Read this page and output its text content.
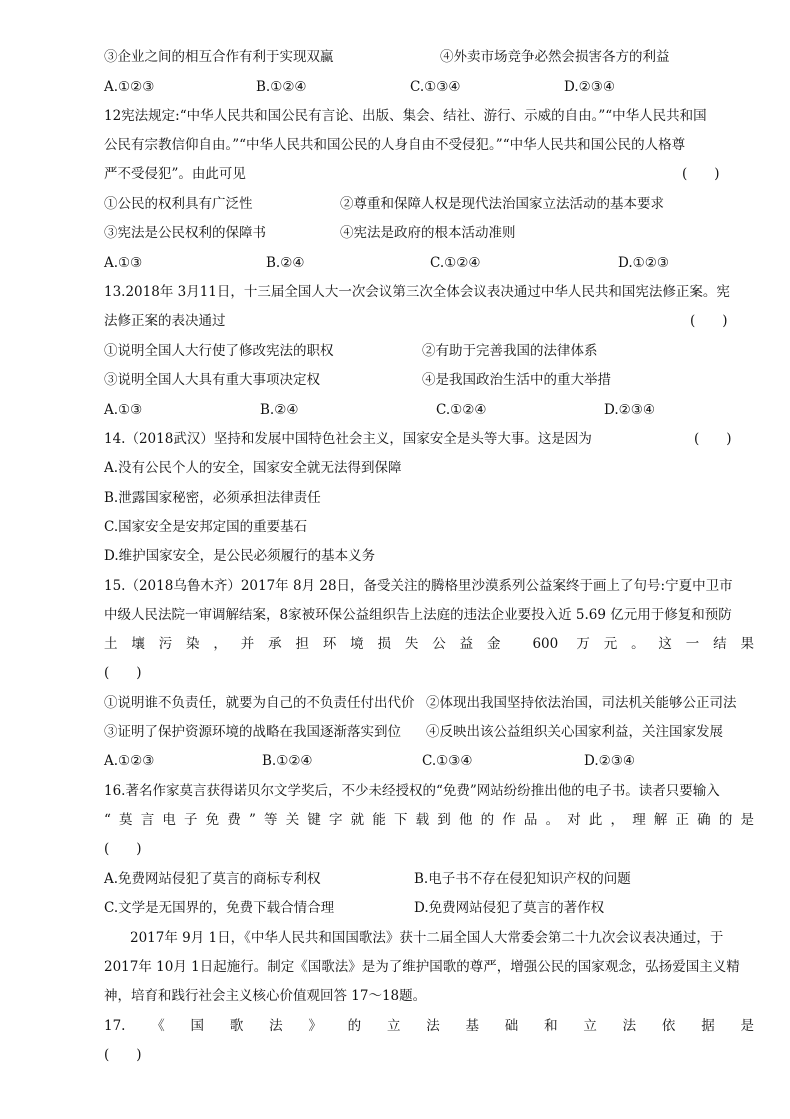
③企业之间的相互合作有利于实现双赢	④外卖市场竞争必然会损害各方的利益
A.①②③	B.①②④	C.①③④	D.②③④
12宪法规定:“中华人民共和国公民有言论、出版、集会、结社、游行、示威的自由。”“中华人民共和国
公民有宗教信仰自由。”“中华人民共和国公民的人身自由不受侵犯。”“中华人民共和国公民的人格尊
严不受侵犯”。由此可见	(　　)
①公民的权利具有广泛性	②尊重和保障人权是现代法治国家立法活动的基本要求
③宪法是公民权利的保障书	④宪法是政府的根本活动准则
A.①③	B.②④	C.①②④	D.①②③
13.2018年 3月11日，十三届全国人大一次会议第三次全体会议表决通过中华人民共和国宪法修正案。宪
法修正案的表决通过	(　　)
①说明全国人大行使了修改宪法的职权	②有助于完善我国的法律体系
③说明全国人大具有重大事项决定权	④是我国政治生活中的重大举措
A.①③	B.②④	C.①②④	D.②③④
14.（2018武汉）坚持和发展中国特色社会主义，国家安全是头等大事。这是因为	(　　)
A.没有公民个人的安全，国家安全就无法得到保障
B.泄露国家秘密，必须承担法律责任
C.国家安全是安邦定国的重要基石
D.维护国家安全，是公民必须履行的基本义务
15.（2018乌鲁木齐）2017年 8月 28日，备受关注的腾格里沙漠系列公益案终于画上了句号:宁夏中卫市
中级人民法院一审调解结案，8家被环保公益组织告上法庭的违法企业要投入近 5.69 亿元用于修复和预防
土壤污染，并承担环境损失公益金 600 万元。这一结果
(　　)
①说明谁不负责任，就要为自己的不负责任付出代价 ②体现出我国坚持依法治国，司法机关能够公正司法
③证明了保护资源环境的战略在我国逐渐落实到位 ④反映出该公益组织关心国家利益，关注国家发展
A.①②③	B.①②④	C.①③④	D.②③④
16.著名作家莫言获得诺贝尔文学奖后，不少未经授权的“免费”网站纷纷推出他的电子书。读者只要输入
“莫言电子免费”等关键字就能下载到他的作品。对此，理解正确的是
(　　)
A.免费网站侵犯了莫言的商标专利权	B.电子书不存在侵犯知识产权的问题
C.文学是无国界的，免费下载合情合理	D.免费网站侵犯了莫言的著作权
2017年 9月 1日，《中华人民共和国国歌法》获十二届全国人大常委会第二十九次会议表决通过，于
2017年 10月 1日起施行。制定《国歌法》是为了维护国歌的尊严，增强公民的国家观念，弘扬爱国主义精
神，培育和践行社会主义核心价值观回答 17～18题。
17.《国歌法》的立法基础和立法依据是
(　　)
